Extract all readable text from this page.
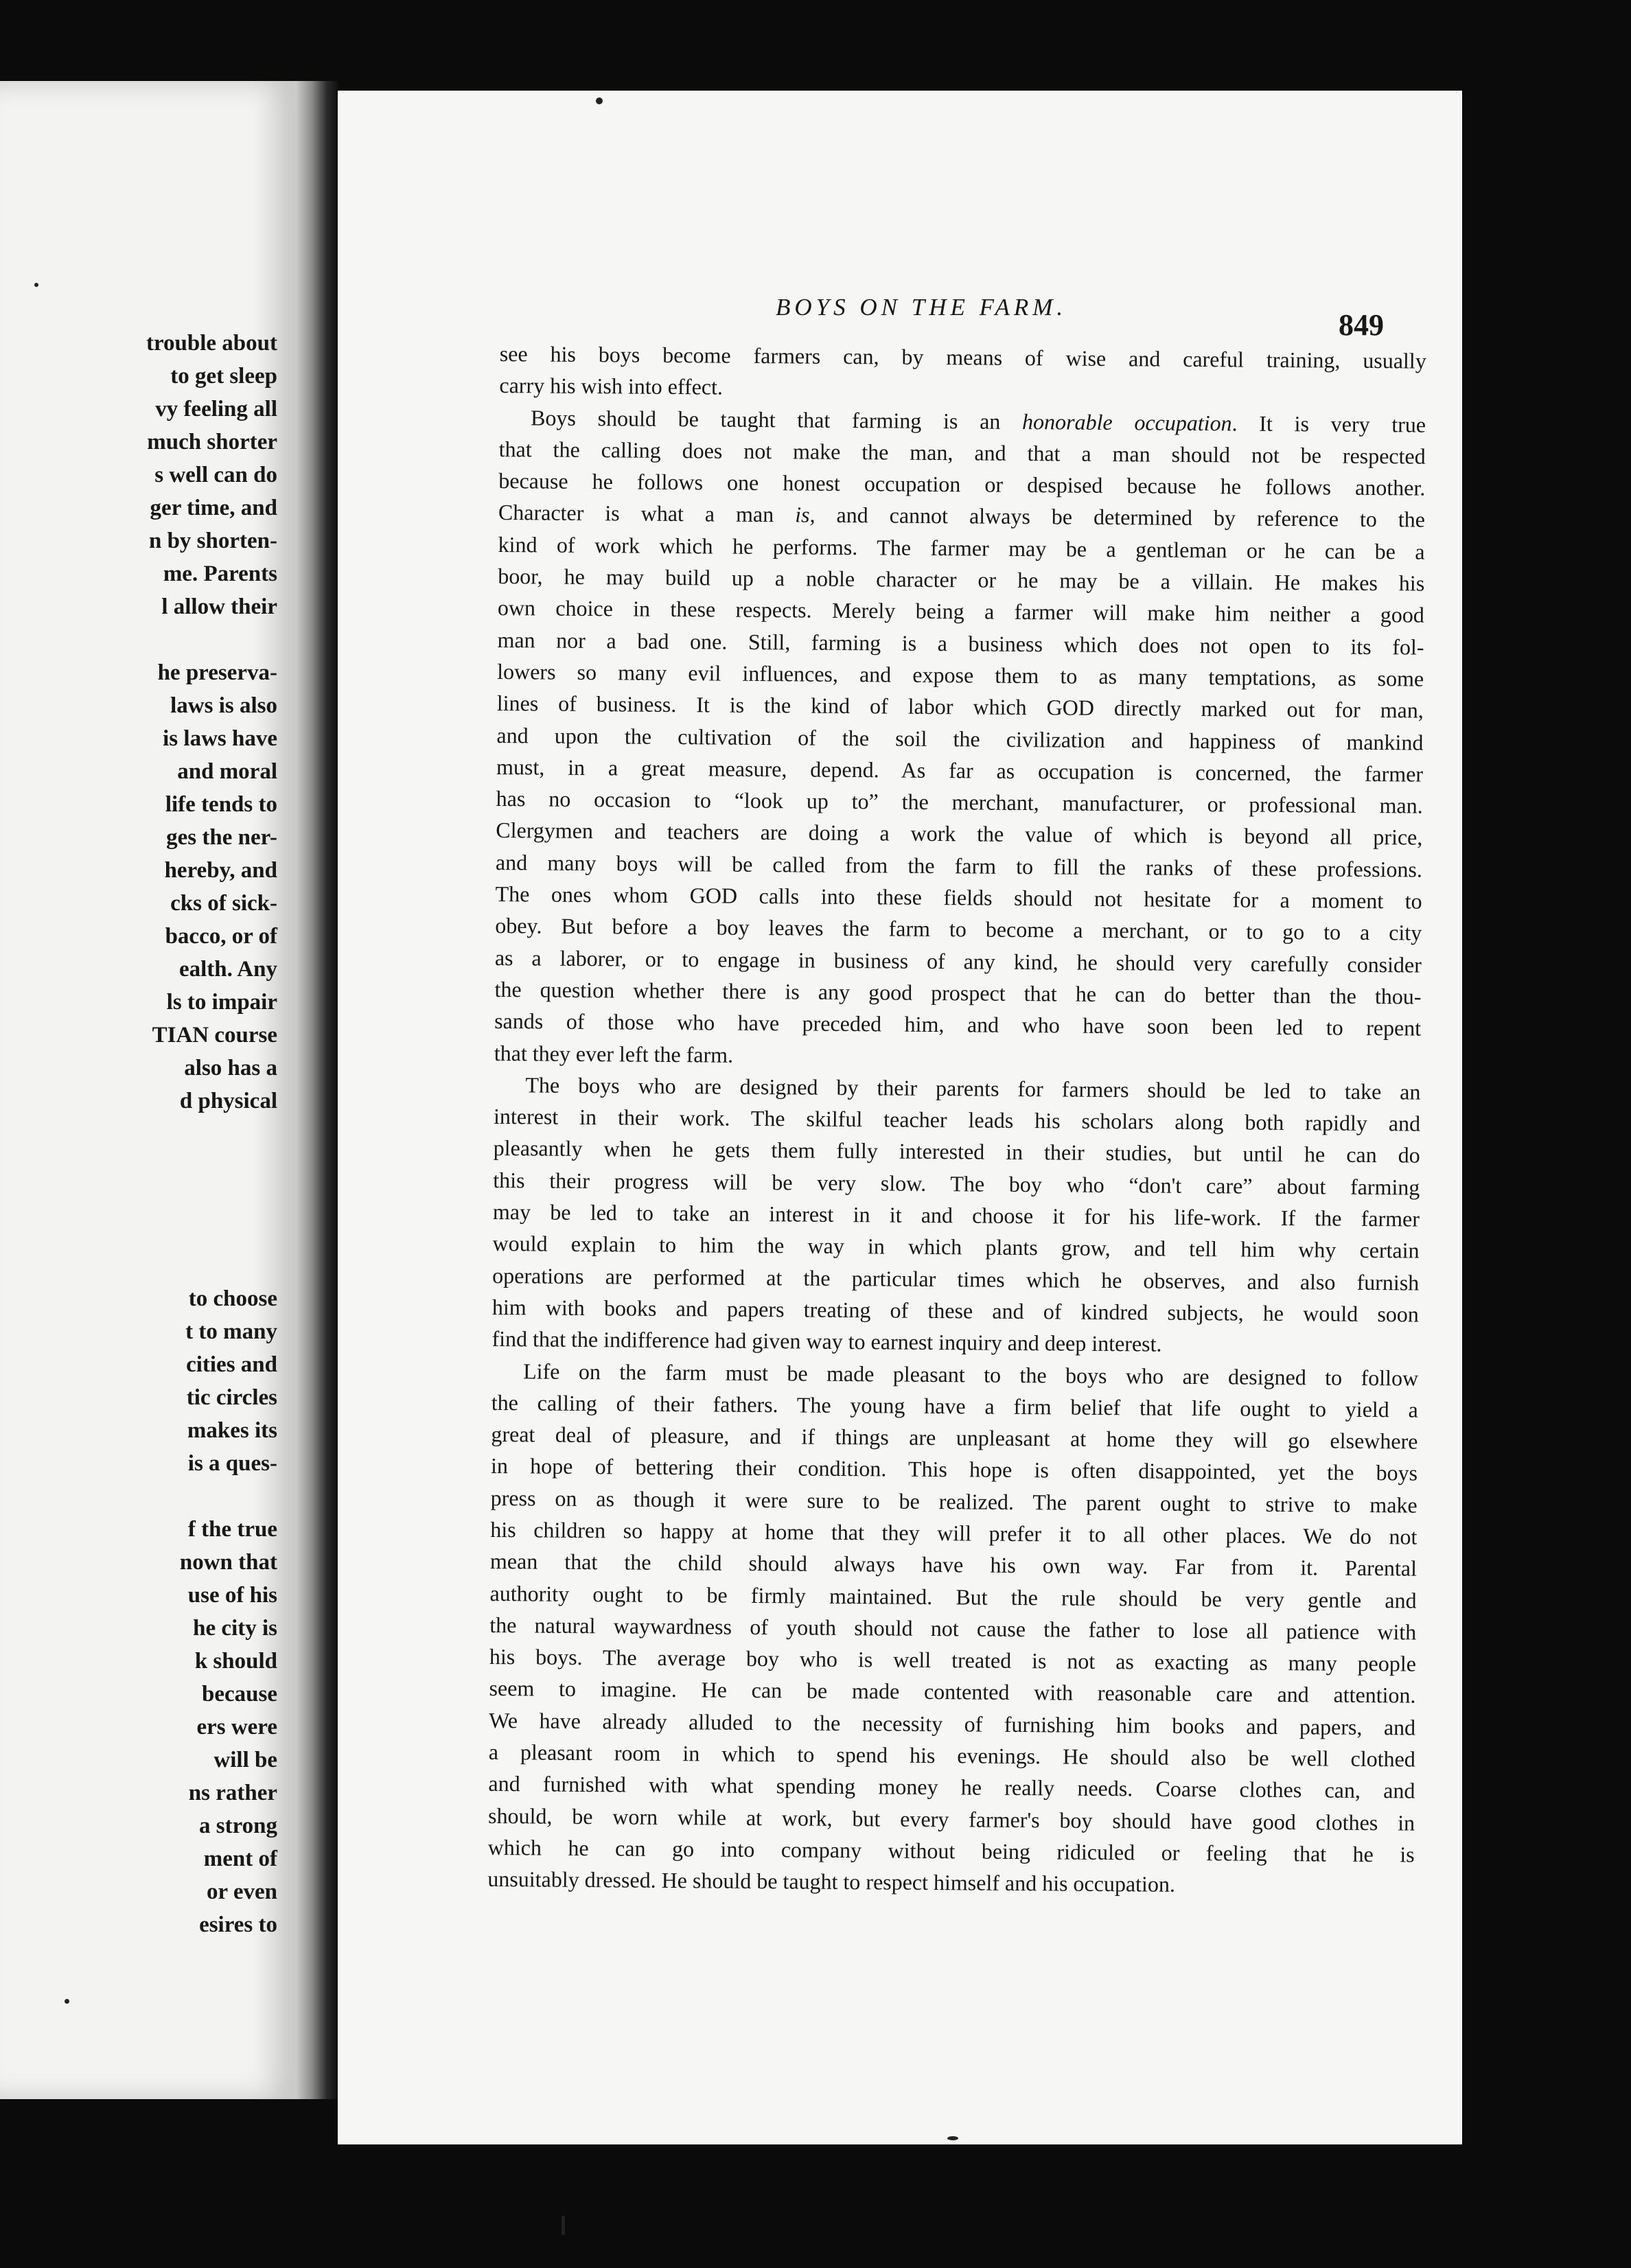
trouble about
to get sleep
vy feeling all
much shorter
s well can do
ger time, and
n by shorten-
me. Parents
l allow their
he preserva-
laws is also
is laws have
and moral
life tends to
ges the ner-
hereby, and
cks of sick-
bacco, or of
ealth. Any
ls to impair
TIAN course
also has a
d physical
to choose
t to many
cities and
tic circles
makes its
is a ques-
f the true
nown that
use of his
he city is
k should
because
ers were
will be
ns rather
a strong
ment of
or even
esires to
BOYS ON THE FARM.
849
see his boys become farmers can, by means of wise and careful training, usually
carry his wish into effect.
Boys should be taught that farming is an honorable occupation. It is very true
that the calling does not make the man, and that a man should not be respected
because he follows one honest occupation or despised because he follows another.
Character is what a man is, and cannot always be determined by reference to the
kind of work which he performs. The farmer may be a gentleman or he can be a
boor, he may build up a noble character or he may be a villain. He makes his
own choice in these respects. Merely being a farmer will make him neither a good
man nor a bad one. Still, farming is a business which does not open to its fol-
lowers so many evil influences, and expose them to as many temptations, as some
lines of business. It is the kind of labor which GOD directly marked out for man,
and upon the cultivation of the soil the civilization and happiness of mankind
must, in a great measure, depend. As far as occupation is concerned, the farmer
has no occasion to “look up to” the merchant, manufacturer, or professional man.
Clergymen and teachers are doing a work the value of which is beyond all price,
and many boys will be called from the farm to fill the ranks of these professions.
The ones whom GOD calls into these fields should not hesitate for a moment to
obey. But before a boy leaves the farm to become a merchant, or to go to a city
as a laborer, or to engage in business of any kind, he should very carefully consider
the question whether there is any good prospect that he can do better than the thou-
sands of those who have preceded him, and who have soon been led to repent
that they ever left the farm.
The boys who are designed by their parents for farmers should be led to take an
interest in their work. The skilful teacher leads his scholars along both rapidly and
pleasantly when he gets them fully interested in their studies, but until he can do
this their progress will be very slow. The boy who “don't care” about farming
may be led to take an interest in it and choose it for his life-work. If the farmer
would explain to him the way in which plants grow, and tell him why certain
operations are performed at the particular times which he observes, and also furnish
him with books and papers treating of these and of kindred subjects, he would soon
find that the indifference had given way to earnest inquiry and deep interest.
Life on the farm must be made pleasant to the boys who are designed to follow
the calling of their fathers. The young have a firm belief that life ought to yield a
great deal of pleasure, and if things are unpleasant at home they will go elsewhere
in hope of bettering their condition. This hope is often disappointed, yet the boys
press on as though it were sure to be realized. The parent ought to strive to make
his children so happy at home that they will prefer it to all other places. We do not
mean that the child should always have his own way. Far from it. Parental
authority ought to be firmly maintained. But the rule should be very gentle and
the natural waywardness of youth should not cause the father to lose all patience with
his boys. The average boy who is well treated is not as exacting as many people
seem to imagine. He can be made contented with reasonable care and attention.
We have already alluded to the necessity of furnishing him books and papers, and
a pleasant room in which to spend his evenings. He should also be well clothed
and furnished with what spending money he really needs. Coarse clothes can, and
should, be worn while at work, but every farmer's boy should have good clothes in
which he can go into company without being ridiculed or feeling that he is
unsuitably dressed. He should be taught to respect himself and his occupation.
